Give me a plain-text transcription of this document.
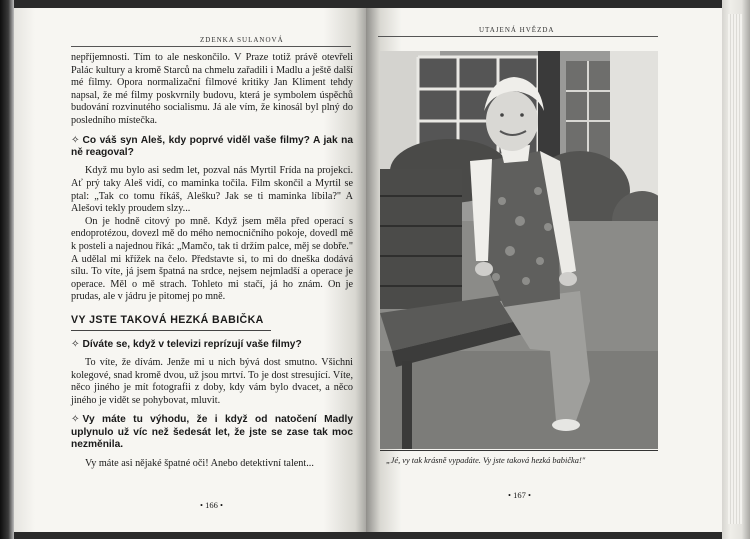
ZDENKA SULANOVÁ

nepříjemnosti. Tím to ale neskončilo. V Praze totiž právě otevřeli Palác kultury a kromě Starců na chmelu zařadili i Madlu a ještě další mé filmy. Opora normalizační filmové kritiky Jan Kliment tehdy napsal, že mé filmy poskvrnily budovu, která je symbolem úspěchů budování rozvinutého socialismu. Já ale vím, že kinosál byl plný do posledního místečka.

✧ Co váš syn Aleš, kdy poprvé viděl vaše filmy? A jak na ně reagoval?

Když mu bylo asi sedm let, pozval nás Myrtil Frída na projekci. Ať prý taky Aleš vidí, co maminka točila. Film skončil a Myrtil se ptal: „Tak co tomu říkáš, Alešku? Jak se ti maminka líbila?" A Alešovi tekly proudem slzy...

On je hodně citový po mně. Když jsem měla před operací s endoprotézou, dovezl mě do mého nemocničního pokoje, dovedl mě k posteli a najednou říká: „Mamčo, tak ti držím palce, měj se dobře." A udělal mi křížek na čelo. Představte si, to mi do dneška dodává sílu. To víte, já jsem špatná na srdce, nejsem nejmladší a operace je operace. Měl o mě strach. Tohleto mi stačí, já ho znám. On je prudas, ale v jádru je pitomej po mně.

VY JSTE TAKOVÁ HEZKÁ BABIČKA
✧ Díváte se, když v televizi reprízují vaše filmy?

To víte, že dívám. Jenže mi u nich bývá dost smutno. Všichni kolegové, snad kromě dvou, už jsou mrtví. To je dost stresující. Víte, něco jiného je mít fotografii z doby, kdy vám bylo dvacet, a něco jiného je vidět se pohybovat, mluvit.

✧ Vy máte tu výhodu, že i když od natočení Madly uplynulo už víc než šedesát let, že jste se zase tak moc nezměnila.

Vy máte asi nějaké špatné oči! Anebo detektivní talent...

• 166 •
UTAJENÁ HVĚZDA
„Jé, vy tak krásně vypadáte. Vy jste taková hezká babička!"
• 167 •
